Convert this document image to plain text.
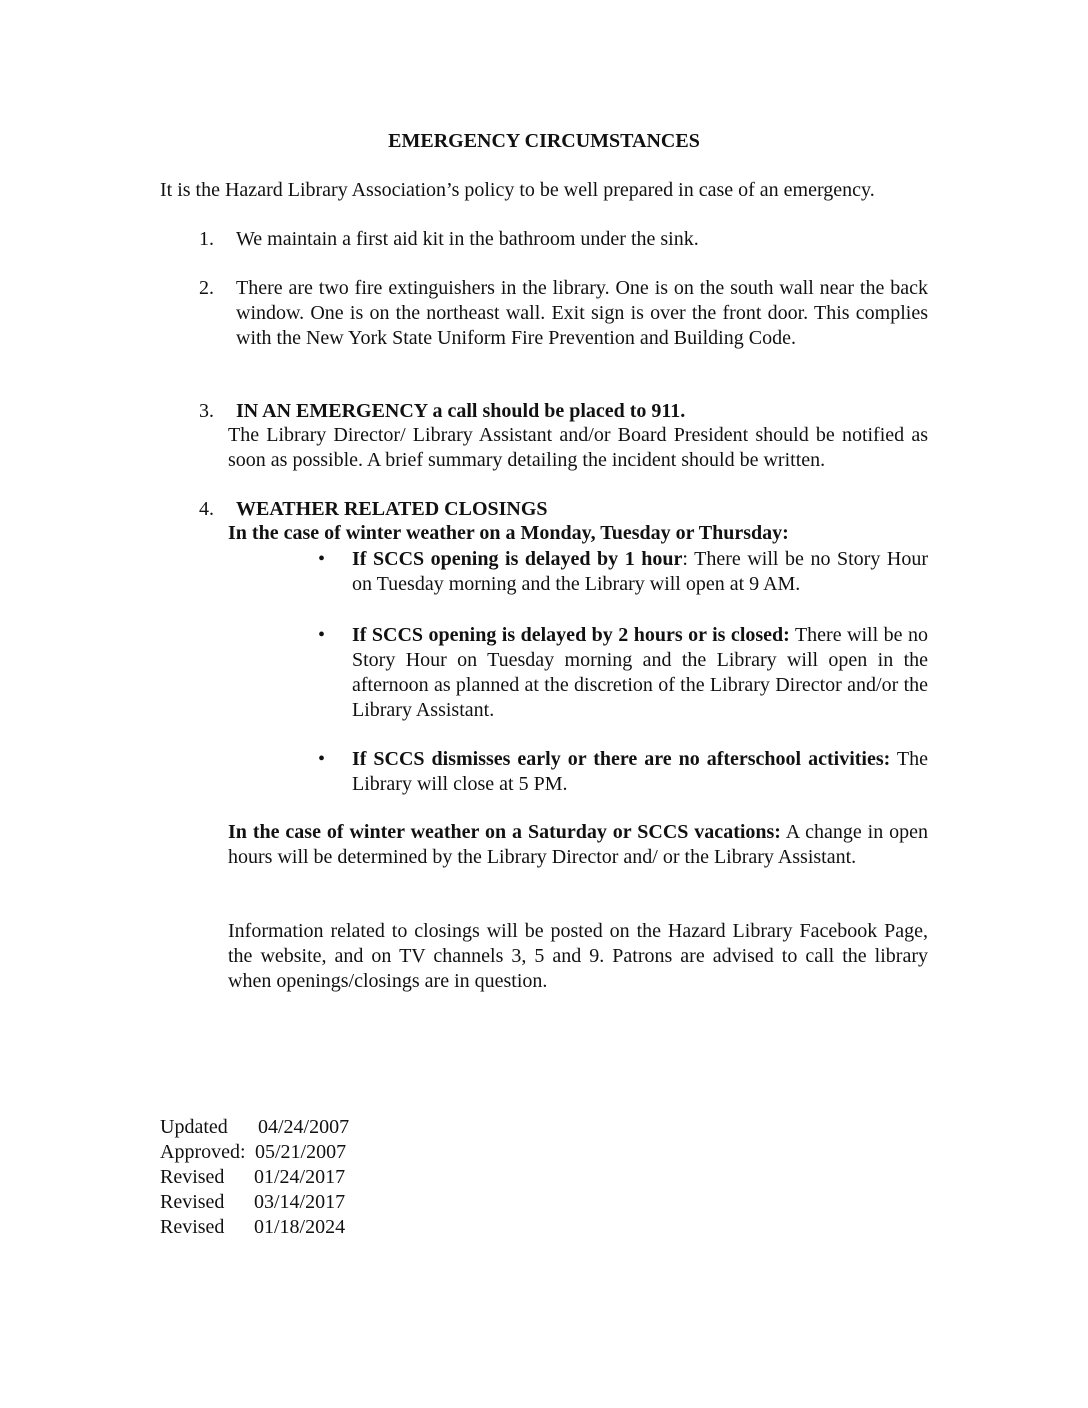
EMERGENCY CIRCUMSTANCES
It is the Hazard Library Association’s policy to be well prepared in case of an emergency.
1. We maintain a first aid kit in the bathroom under the sink.
2. There are two fire extinguishers in the library. One is on the south wall near the back window. One is on the northeast wall. Exit sign is over the front door. This complies with the New York State Uniform Fire Prevention and Building Code.
3. IN AN EMERGENCY a call should be placed to 911.
The Library Director/ Library Assistant and/or Board President should be notified as soon as possible. A brief summary detailing the incident should be written.
4. WEATHER RELATED CLOSINGS
In the case of winter weather on a Monday, Tuesday or Thursday:
• If SCCS opening is delayed by 1 hour: There will be no Story Hour on Tuesday morning and the Library will open at 9 AM.
• If SCCS opening is delayed by 2 hours or is closed: There will be no Story Hour on Tuesday morning and the Library will open in the afternoon as planned at the discretion of the Library Director and/or the Library Assistant.
• If SCCS dismisses early or there are no afterschool activities: The Library will close at 5 PM.
In the case of winter weather on a Saturday or SCCS vacations: A change in open hours will be determined by the Library Director and/ or the Library Assistant.
Information related to closings will be posted on the Hazard Library Facebook Page, the website, and on TV channels 3, 5 and 9. Patrons are advised to call the library when openings/closings are in question.
Updated	04/24/2007
Approved: 05/21/2007
Revised	01/24/2017
Revised	03/14/2017
Revised	01/18/2024
